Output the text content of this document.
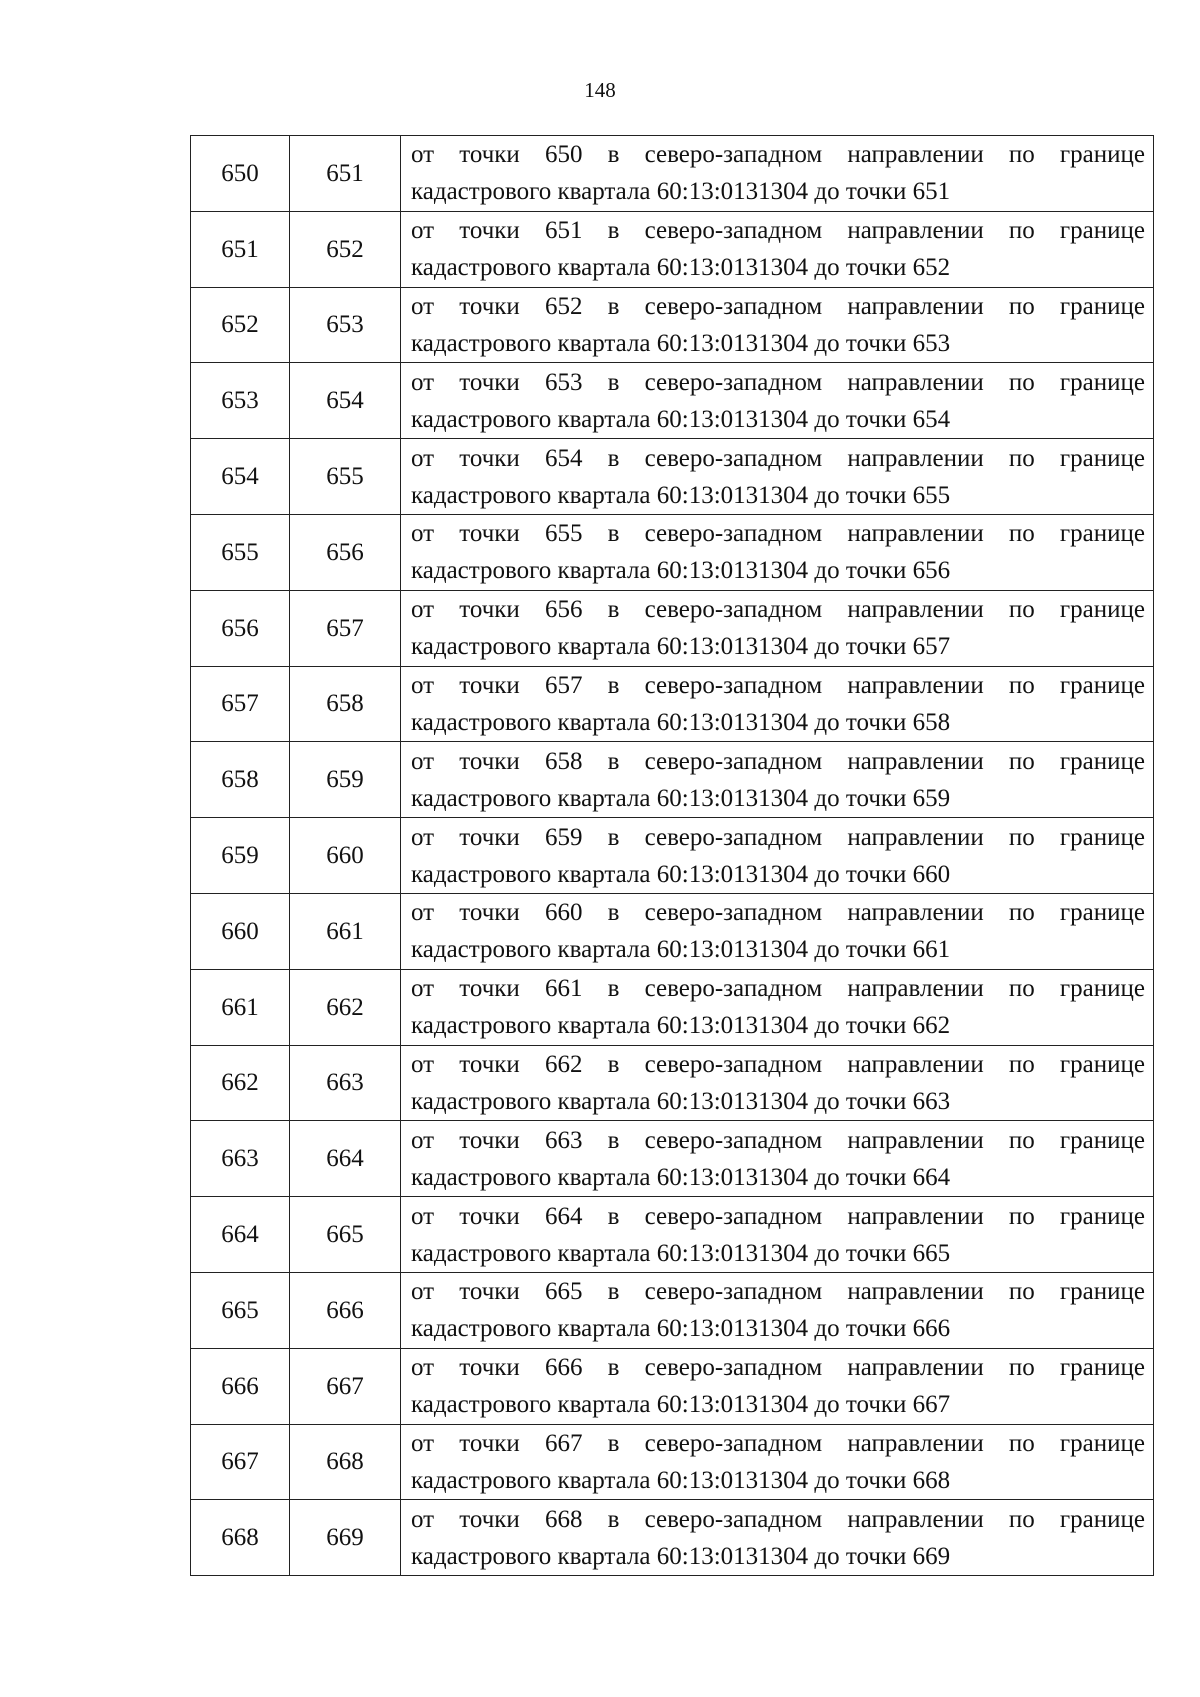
148
650	651	от точки 650 в северо-западном направлении по границе
кадастрового квартала 60:13:0131304 до точки 651

651	652	от точки 651 в северо-западном направлении по границе
кадастрового квартала 60:13:0131304 до точки 652

652	653	от точки 652 в северо-западном направлении по границе
кадастрового квартала 60:13:0131304 до точки 653

653	654	от точки 653 в северо-западном направлении по границе
кадастрового квартала 60:13:0131304 до точки 654

654	655	от точки 654 в северо-западном направлении по границе
кадастрового квартала 60:13:0131304 до точки 655

655	656	от точки 655 в северо-западном направлении по границе
кадастрового квартала 60:13:0131304 до точки 656

656	657	от точки 656 в северо-западном направлении по границе
кадастрового квартала 60:13:0131304 до точки 657

657	658	от точки 657 в северо-западном направлении по границе
кадастрового квартала 60:13:0131304 до точки 658

658	659	от точки 658 в северо-западном направлении по границе
кадастрового квартала 60:13:0131304 до точки 659

659	660	от точки 659 в северо-западном направлении по границе
кадастрового квартала 60:13:0131304 до точки 660

660	661	от точки 660 в северо-западном направлении по границе
кадастрового квартала 60:13:0131304 до точки 661

661	662	от точки 661 в северо-западном направлении по границе
кадастрового квартала 60:13:0131304 до точки 662

662	663	от точки 662 в северо-западном направлении по границе
кадастрового квартала 60:13:0131304 до точки 663

663	664	от точки 663 в северо-западном направлении по границе
кадастрового квартала 60:13:0131304 до точки 664

664	665	от точки 664 в северо-западном направлении по границе
кадастрового квартала 60:13:0131304 до точки 665

665	666	от точки 665 в северо-западном направлении по границе
кадастрового квартала 60:13:0131304 до точки 666

666	667	от точки 666 в северо-западном направлении по границе
кадастрового квартала 60:13:0131304 до точки 667

667	668	от точки 667 в северо-западном направлении по границе
кадастрового квартала 60:13:0131304 до точки 668

668	669	от точки 668 в северо-западном направлении по границе
кадастрового квартала 60:13:0131304 до точки 669
